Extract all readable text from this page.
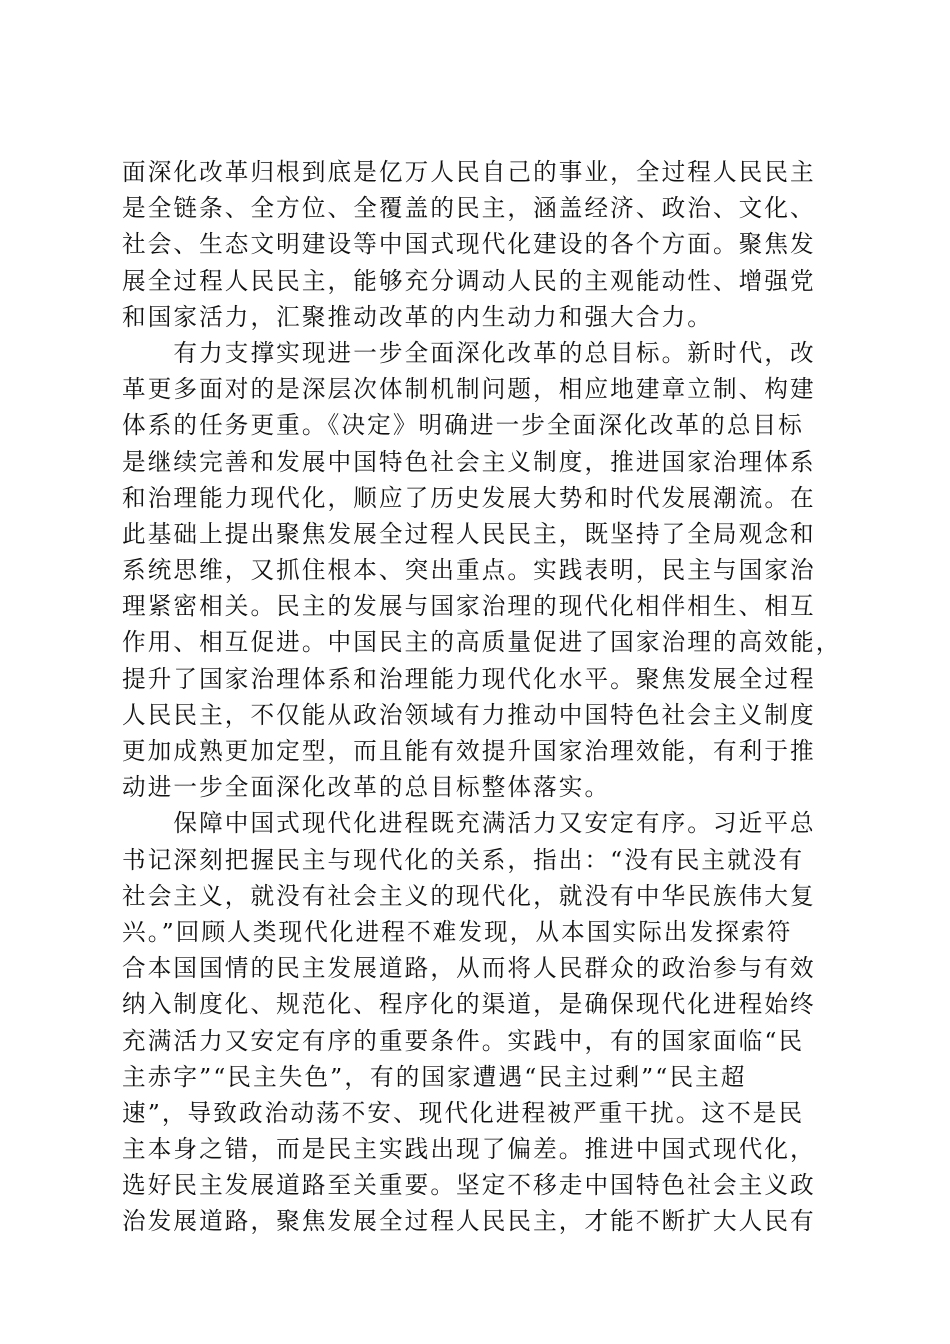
面深化改革归根到底是亿万人民自己的事业，全过程人民民主
是全链条、全方位、全覆盖的民主，涵盖经济、政治、文化、
社会、生态文明建设等中国式现代化建设的各个方面。聚焦发
展全过程人民民主，能够充分调动人民的主观能动性、增强党
和国家活力，汇聚推动改革的内生动力和强大合力。
　　有力支撑实现进一步全面深化改革的总目标。新时代，改
革更多面对的是深层次体制机制问题，相应地建章立制、构建
体系的任务更重。《决定》明确进一步全面深化改革的总目标
是继续完善和发展中国特色社会主义制度，推进国家治理体系
和治理能力现代化，顺应了历史发展大势和时代发展潮流。在
此基础上提出聚焦发展全过程人民民主，既坚持了全局观念和
系统思维，又抓住根本、突出重点。实践表明，民主与国家治
理紧密相关。民主的发展与国家治理的现代化相伴相生、相互
作用、相互促进。中国民主的高质量促进了国家治理的高效能，
提升了国家治理体系和治理能力现代化水平。聚焦发展全过程
人民民主，不仅能从政治领域有力推动中国特色社会主义制度
更加成熟更加定型，而且能有效提升国家治理效能，有利于推
动进一步全面深化改革的总目标整体落实。
　　保障中国式现代化进程既充满活力又安定有序。习近平总
书记深刻把握民主与现代化的关系，指出：“没有民主就没有
社会主义，就没有社会主义的现代化，就没有中华民族伟大复
兴。”回顾人类现代化进程不难发现，从本国实际出发探索符
合本国国情的民主发展道路，从而将人民群众的政治参与有效
纳入制度化、规范化、程序化的渠道，是确保现代化进程始终
充满活力又安定有序的重要条件。实践中，有的国家面临“民
主赤字”“民主失色”，有的国家遭遇“民主过剩”“民主超
速”，导致政治动荡不安、现代化进程被严重干扰。这不是民
主本身之错，而是民主实践出现了偏差。推进中国式现代化，
选好民主发展道路至关重要。坚定不移走中国特色社会主义政
治发展道路，聚焦发展全过程人民民主，才能不断扩大人民有
